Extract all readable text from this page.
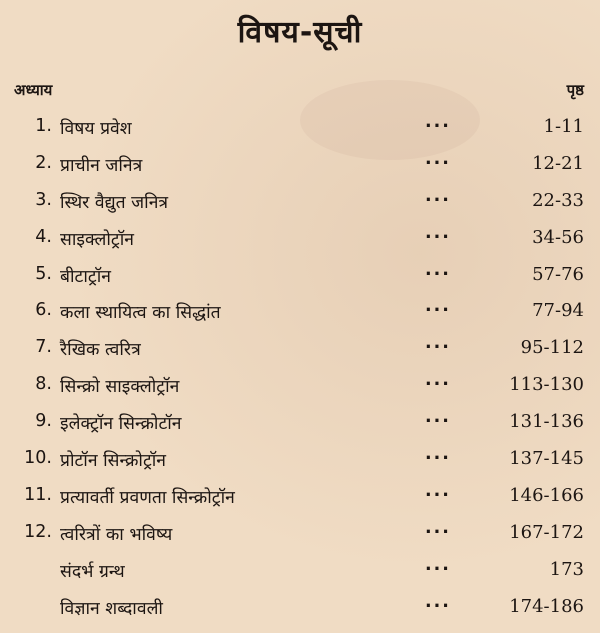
विषय-सूची
अध्याय	पृष्ठ
1. विषय प्रवेश	...	1-11
2. प्राचीन जनित्र	...	12-21
3. स्थिर वैद्युत जनित्र	...	22-33
4. साइक्लोट्रॉन	...	34-56
5. बीटाट्रॉन	...	57-76
6. कला स्थायित्व का सिद्धांत	...	77-94
7. रैखिक त्वरित्र	...	95-112
8. सिन्क्रो साइक्लोट्रॉन	...	113-130
9. इलेक्ट्रॉन सिन्क्रोटॉन	...	131-136
10. प्रोटॉन सिन्क्रोट्रॉन	...	137-145
11. प्रत्यावर्ती प्रवणता सिन्क्रोट्रॉन	...	146-166
12. त्वरित्रों का भविष्य	...	167-172
संदर्भ ग्रन्थ	...	173
विज्ञान शब्दावली	...	174-186
